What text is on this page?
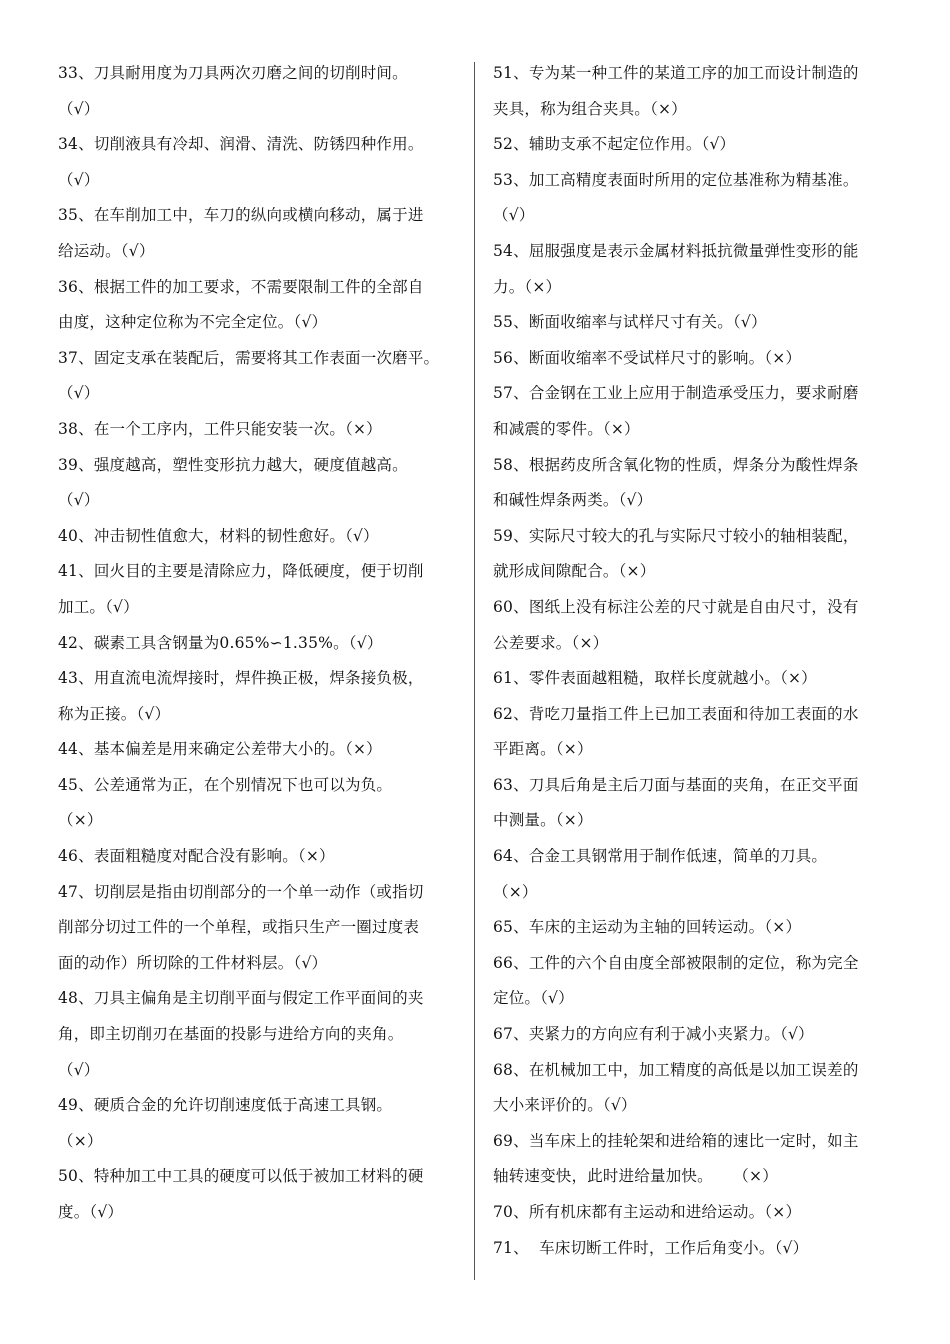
33、刀具耐用度为刀具两次刃磨之间的切削时间。
（√）
34、切削液具有冷却、润滑、清洗、防锈四种作用。
（√）
35、在车削加工中，车刀的纵向或横向移动，属于进
给运动。（√）
36、根据工件的加工要求，不需要限制工件的全部自
由度，这种定位称为不完全定位。（√）
37、固定支承在装配后，需要将其工作表面一次磨平。
（√）
38、在一个工序内，工件只能安装一次。（×）
39、强度越高，塑性变形抗力越大，硬度值越高。
（√）
40、冲击韧性值愈大，材料的韧性愈好。（√）
41、回火目的主要是清除应力，降低硬度，便于切削
加工。（√）
42、碳素工具含钢量为0.65%∽1.35%。（√）
43、用直流电流焊接时，焊件换正极，焊条接负极，
称为正接。（√）
44、基本偏差是用来确定公差带大小的。（×）
45、公差通常为正，在个别情况下也可以为负。
（×）
46、表面粗糙度对配合没有影响。（×）
47、切削层是指由切削部分的一个单一动作（或指切
削部分切过工件的一个单程，或指只生产一圈过度表
面的动作）所切除的工件材料层。（√）
48、刀具主偏角是主切削平面与假定工作平面间的夹
角，即主切削刃在基面的投影与进给方向的夹角。
（√）
49、硬质合金的允许切削速度低于高速工具钢。
（×）
50、特种加工中工具的硬度可以低于被加工材料的硬
度。（√）
51、专为某一种工件的某道工序的加工而设计制造的
夹具，称为组合夹具。（×）
52、辅助支承不起定位作用。（√）
53、加工高精度表面时所用的定位基准称为精基准。
（√）
54、屈服强度是表示金属材料抵抗微量弹性变形的能
力。（×）
55、断面收缩率与试样尺寸有关。（√）
56、断面收缩率不受试样尺寸的影响。（×）
57、合金钢在工业上应用于制造承受压力，要求耐磨
和减震的零件。（×）
58、根据药皮所含氧化物的性质，焊条分为酸性焊条
和碱性焊条两类。（√）
59、实际尺寸较大的孔与实际尺寸较小的轴相装配，
就形成间隙配合。（×）
60、图纸上没有标注公差的尺寸就是自由尺寸，没有
公差要求。（×）
61、零件表面越粗糙，取样长度就越小。（×）
62、背吃刀量指工件上已加工表面和待加工表面的水
平距离。（×）
63、刀具后角是主后刀面与基面的夹角，在正交平面
中测量。（×）
64、合金工具钢常用于制作低速，简单的刀具。
（×）
65、车床的主运动为主轴的回转运动。（×）
66、工件的六个自由度全部被限制的定位，称为完全
定位。（√）
67、夹紧力的方向应有利于减小夹紧力。（√）
68、在机械加工中，加工精度的高低是以加工误差的
大小来评价的。（√）
69、当车床上的挂轮架和进给箱的速比一定时，如主
轴转速变快，此时进给量加快。    （×）
70、所有机床都有主运动和进给运动。（×）
71、  车床切断工件时，工作后角变小。（√）
